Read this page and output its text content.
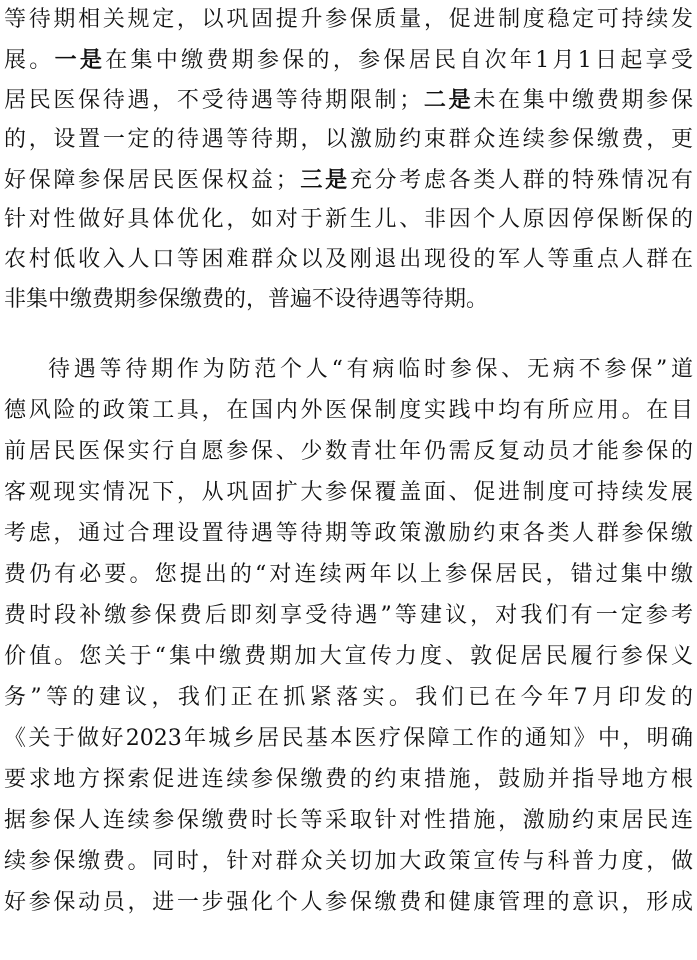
等待期相关规定，以巩固提升参保质量，促进制度稳定可持续发
展。一是在集中缴费期参保的，参保居民自次年1月1日起享受
居民医保待遇，不受待遇等待期限制；二是未在集中缴费期参保
的，设置一定的待遇等待期，以激励约束群众连续参保缴费，更
好保障参保居民医保权益；三是充分考虑各类人群的特殊情况有
针对性做好具体优化，如对于新生儿、非因个人原因停保断保的
农村低收入人口等困难群众以及刚退出现役的军人等重点人群在
非集中缴费期参保缴费的，普遍不设待遇等待期。
待遇等待期作为防范个人“有病临时参保、无病不参保”道
德风险的政策工具，在国内外医保制度实践中均有所应用。在目
前居民医保实行自愿参保、少数青壮年仍需反复动员才能参保的
客观现实情况下，从巩固扩大参保覆盖面、促进制度可持续发展
考虑，通过合理设置待遇等待期等政策激励约束各类人群参保缴
费仍有必要。您提出的“对连续两年以上参保居民，错过集中缴
费时段补缴参保费后即刻享受待遇”等建议，对我们有一定参考
价值。您关于“集中缴费期加大宣传力度、敦促居民履行参保义
务”等的建议，我们正在抓紧落实。我们已在今年7月印发的
《关于做好2023年城乡居民基本医疗保障工作的通知》中，明确
要求地方探索促进连续参保缴费的约束措施，鼓励并指导地方根
据参保人连续参保缴费时长等采取针对性措施，激励约束居民连
续参保缴费。同时，针对群众关切加大政策宣传与科普力度，做
好参保动员，进一步强化个人参保缴费和健康管理的意识，形成
